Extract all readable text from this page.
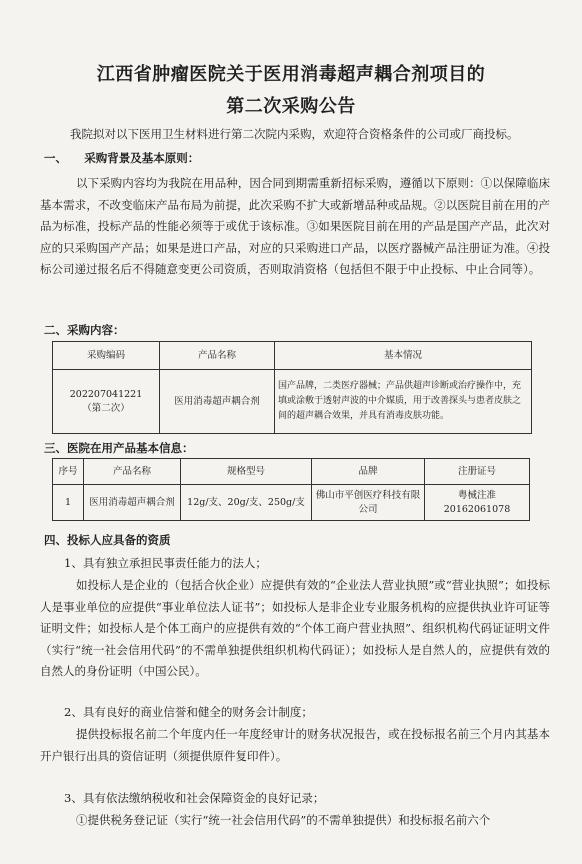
江西省肿瘤医院关于医用消毒超声耦合剂项目的
第二次采购公告
我院拟对以下医用卫生材料进行第二次院内采购，欢迎符合资格条件的公司或厂商投标。
一、　　采购背景及基本原则：
以下采购内容均为我院在用品种，因合同到期需重新招标采购，遵循以下原则：①以保障临床基本需求，不改变临床产品布局为前提，此次采购不扩大或新增品种或品规。②以医院目前在用的产品为标准，投标产品的性能必须等于或优于该标准。③如果医院目前在用的产品是国产产品，此次对应的只采购国产产品；如果是进口产品，对应的只采购进口产品，以医疗器械产品注册证为准。④投标公司递过报名后不得随意变更公司资质，否则取消资格（包括但不限于中止投标、中止合同等）。
二、采购内容：
采购编码	产品名称	基本情况

202207041221
（第二次）	医用消毒超声耦合剂	国产品牌，二类医疗器械；产品供超声诊断或治疗操作中，充填或涂敷于透射声波的中介媒质，用于改善探头与患者皮肤之间的超声耦合效果，并具有消毒皮肤功能。
三、医院在用产品基本信息：
序号	产品名称	规格型号	品牌	注册证号
1	医用消毒超声耦合剂	12g/支、20g/支、250g/支	佛山市平创医疗科技有限公司	粤械注准 20162061078
四、投标人应具备的资质
1、具有独立承担民事责任能力的法人；
如投标人是企业的（包括合伙企业）应提供有效的“企业法人营业执照”或“营业执照”；如投标人是事业单位的应提供“事业单位法人证书”；如投标人是非企业专业服务机构的应提供执业许可证等证明文件；如投标人是个体工商户的应提供有效的“个体工商户营业执照”、组织机构代码证证明文件（实行“统一社会信用代码”的不需单独提供组织机构代码证）；如投标人是自然人的，应提供有效的自然人的身份证明（中国公民）。
2、具有良好的商业信誉和健全的财务会计制度；
提供投标报名前二个年度内任一年度经审计的财务状况报告，或在投标报名前三个月内其基本开户银行出具的资信证明（须提供原件复印件）。
3、具有依法缴纳税收和社会保障资金的良好记录；
①提供税务登记证（实行“统一社会信用代码”的不需单独提供）和投标报名前六个
